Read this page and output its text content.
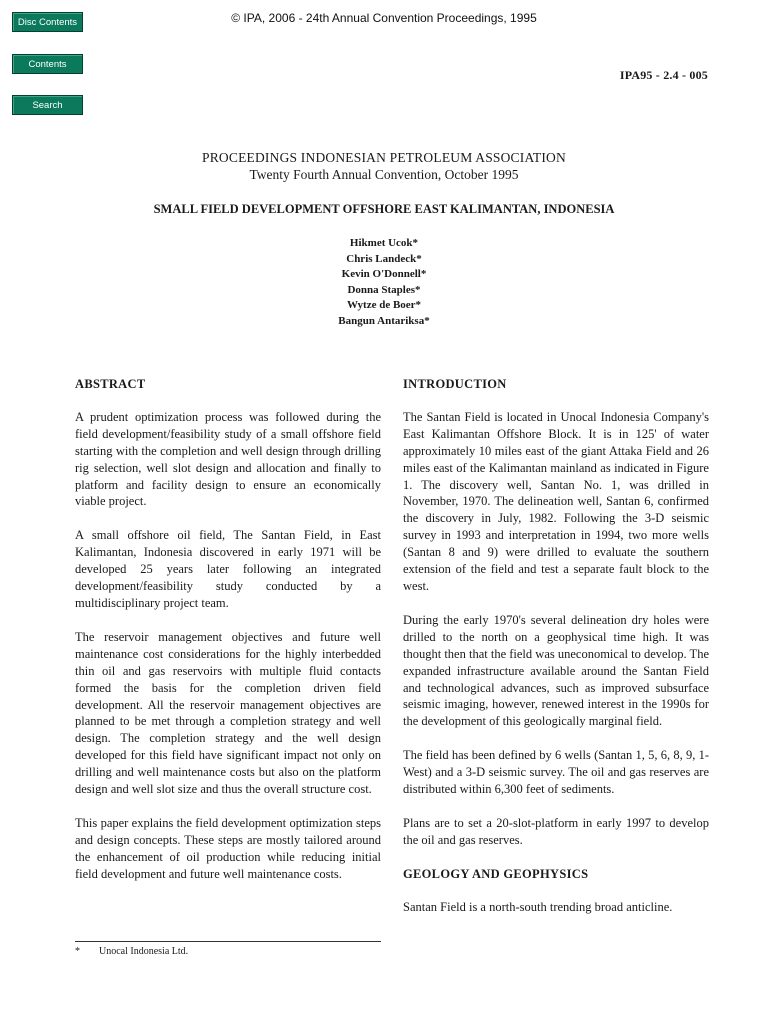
Disc Contents
Contents
Search
© IPA, 2006 - 24th Annual Convention Proceedings, 1995
IPA95 - 2.4 - 005
PROCEEDINGS INDONESIAN PETROLEUM ASSOCIATION
Twenty Fourth Annual Convention, October 1995
SMALL FIELD DEVELOPMENT OFFSHORE EAST KALIMANTAN, INDONESIA
Hikmet Ucok*
Chris Landeck*
Kevin O'Donnell*
Donna Staples*
Wytze de Boer*
Bangun Antariksa*
ABSTRACT

A prudent optimization process was followed during the field development/feasibility study of a small offshore field starting with the completion and well design through drilling rig selection, well slot design and allocation and finally to platform and facility design to ensure an economically viable project.

A small offshore oil field, The Santan Field, in East Kalimantan, Indonesia discovered in early 1971 will be developed 25 years later following an integrated development/feasibility study conducted by a multidisciplinary project team.

The reservoir management objectives and future well maintenance cost considerations for the highly interbedded thin oil and gas reservoirs with multiple fluid contacts formed the basis for the completion driven field development. All the reservoir management objectives are planned to be met through a completion strategy and well design. The completion strategy and the well design developed for this field have significant impact not only on drilling and well maintenance costs but also on the platform design and well slot size and thus the overall structure cost.

This paper explains the field development optimization steps and design concepts. These steps are mostly tailored around the enhancement of oil production while reducing initial field development and future well maintenance costs.

INTRODUCTION

The Santan Field is located in Unocal Indonesia Company's East Kalimantan Offshore Block. It is in 125' of water approximately 10 miles east of the giant Attaka Field and 26 miles east of the Kalimantan mainland as indicated in Figure 1. The discovery well, Santan No. 1, was drilled in November, 1970. The delineation well, Santan 6, confirmed the discovery in July, 1982. Following the 3-D seismic survey in 1993 and interpretation in 1994, two more wells (Santan 8 and 9) were drilled to evaluate the southern extension of the field and test a separate fault block to the west.

During the early 1970's several delineation dry holes were drilled to the north on a geophysical time high. It was thought then that the field was uneconomical to develop. The expanded infrastructure available around the Santan Field and technological advances, such as improved subsurface seismic imaging, however, renewed interest in the 1990s for the development of this geologically marginal field.

The field has been defined by 6 wells (Santan 1, 5, 6, 8, 9, 1-West) and a 3-D seismic survey. The oil and gas reserves are distributed within 6,300 feet of sediments.

Plans are to set a 20-slot-platform in early 1997 to develop the oil and gas reserves.

GEOLOGY AND GEOPHYSICS

Santan Field is a north-south trending broad anticline.

* Unocal Indonesia Ltd.
